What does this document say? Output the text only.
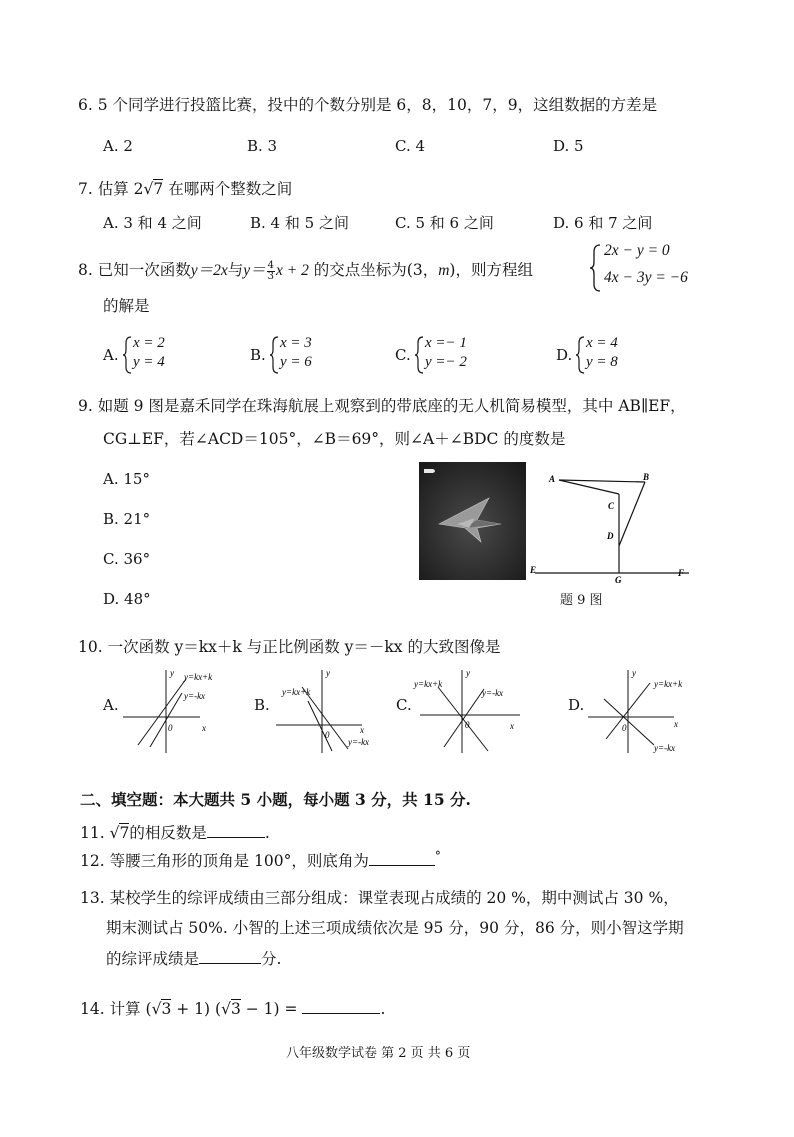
6. 5 个同学进行投篮比赛，投中的个数分别是 6，8，10，7，9，这组数据的方差是
A. 2	B. 3	C. 4	D. 5
7. 估算 2√7 在哪两个整数之间
A. 3 和 4 之间	B. 4 和 5 之间	C. 5 和 6 之间	D. 6 和 7 之间
8. 已知一次函数y＝2x与$y= \frac{4}{3}$ x + 2 的交点坐标为(3，m)，则方程组
2x − y = 0
4x − 3y = −6
的解是
A.
x = 2
y = 4	B.
x = 3
y = 6	C.
x =− 1
y =− 2	D.
x = 4
y = 8
9. 如题 9 图是嘉禾同学在珠海航展上观察到的带底座的无人机简易模型，其中 AB∥EF，
CG⊥EF，若∠ACD＝105°，∠B＝69°，则∠A＋∠BDC 的度数是
A. 15°
B. 21°
C. 36°
D. 48°
A	B
C
D
E
G
F
题 9 图
10. 一次函数 y＝kx＋k 与正比例函数 y＝－kx 的大致图像是
A.
y
x
0
y=kx+k
y=-kx	B.
y
x
0
y=kx+k
y=-kx
C.
y
x
0
y=kx+k
y=-kx
D.
y
x
0
y=kx+k
y=-kx
二、填空题：本大题共 5 小题，每小题 3 分，共 15 分.
11. √7的相反数是	.
12. 等腰三角形的顶角是 100°，则底角为	°
13. 某校学生的综评成绩由三部分组成：课堂表现占成绩的 20 %，期中测试占 30 %，
期末测试占 50%. 小智的上述三项成绩依次是 95 分，90 分，86 分，则小智这学期
的综评成绩是	分.
14. 计算 (√3 + 1) (√3 − 1) =	.
八年级数学试卷 第 2 页 共 6 页
